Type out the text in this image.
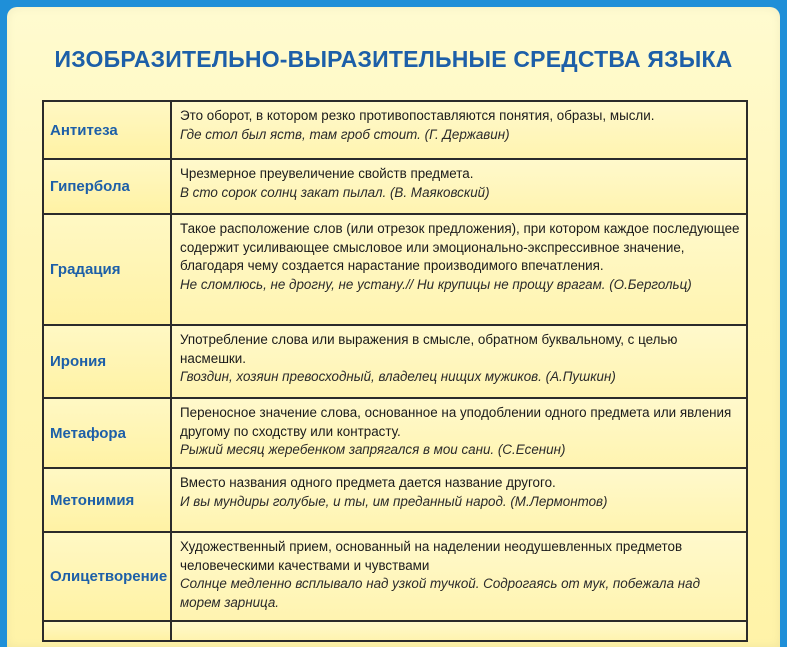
ИЗОБРАЗИТЕЛЬНО-ВЫРАЗИТЕЛЬНЫЕ СРЕДСТВА ЯЗЫКА
Антитеза
Это оборот, в котором резко противопоставляются понятия, образы, мысли.
Где стол был яств, там гроб стоит. (Г. Державин)
Гипербола
Чрезмерное преувеличение свойств предмета.
В сто сорок солнц закат пылал. (В. Маяковский)
Градация
Такое расположение слов (или отрезок предложения), при котором каждое последующее содержит усиливающее смысловое или эмоционально-экспрессивное значение, благодаря чему создается нарастание производимого впечатления.
Не сломлюсь, не дрогну, не устану.// Ни крупицы не прощу врагам. (О.Бергольц)
Ирония
Употребление слова или выражения в смысле, обратном буквальному, с целью насмешки.
Гвоздин, хозяин превосходный, владелец нищих мужиков. (А.Пушкин)
Метафора
Переносное значение слова, основанное на уподоблении одного предмета или явления другому по сходству или контрасту.
Рыжий месяц жеребенком запрягался в мои сани. (С.Есенин)
Метонимия
Вместо названия одного предмета дается название другого.
И вы мундиры голубые, и ты, им преданный народ. (М.Лермонтов)
Олицетворение
Художественный прием, основанный на наделении неодушевленных предметов человеческими качествами и чувствами
Солнце медленно всплывало над узкой тучкой. Содрогаясь от мук, побежала над морем зарница.
